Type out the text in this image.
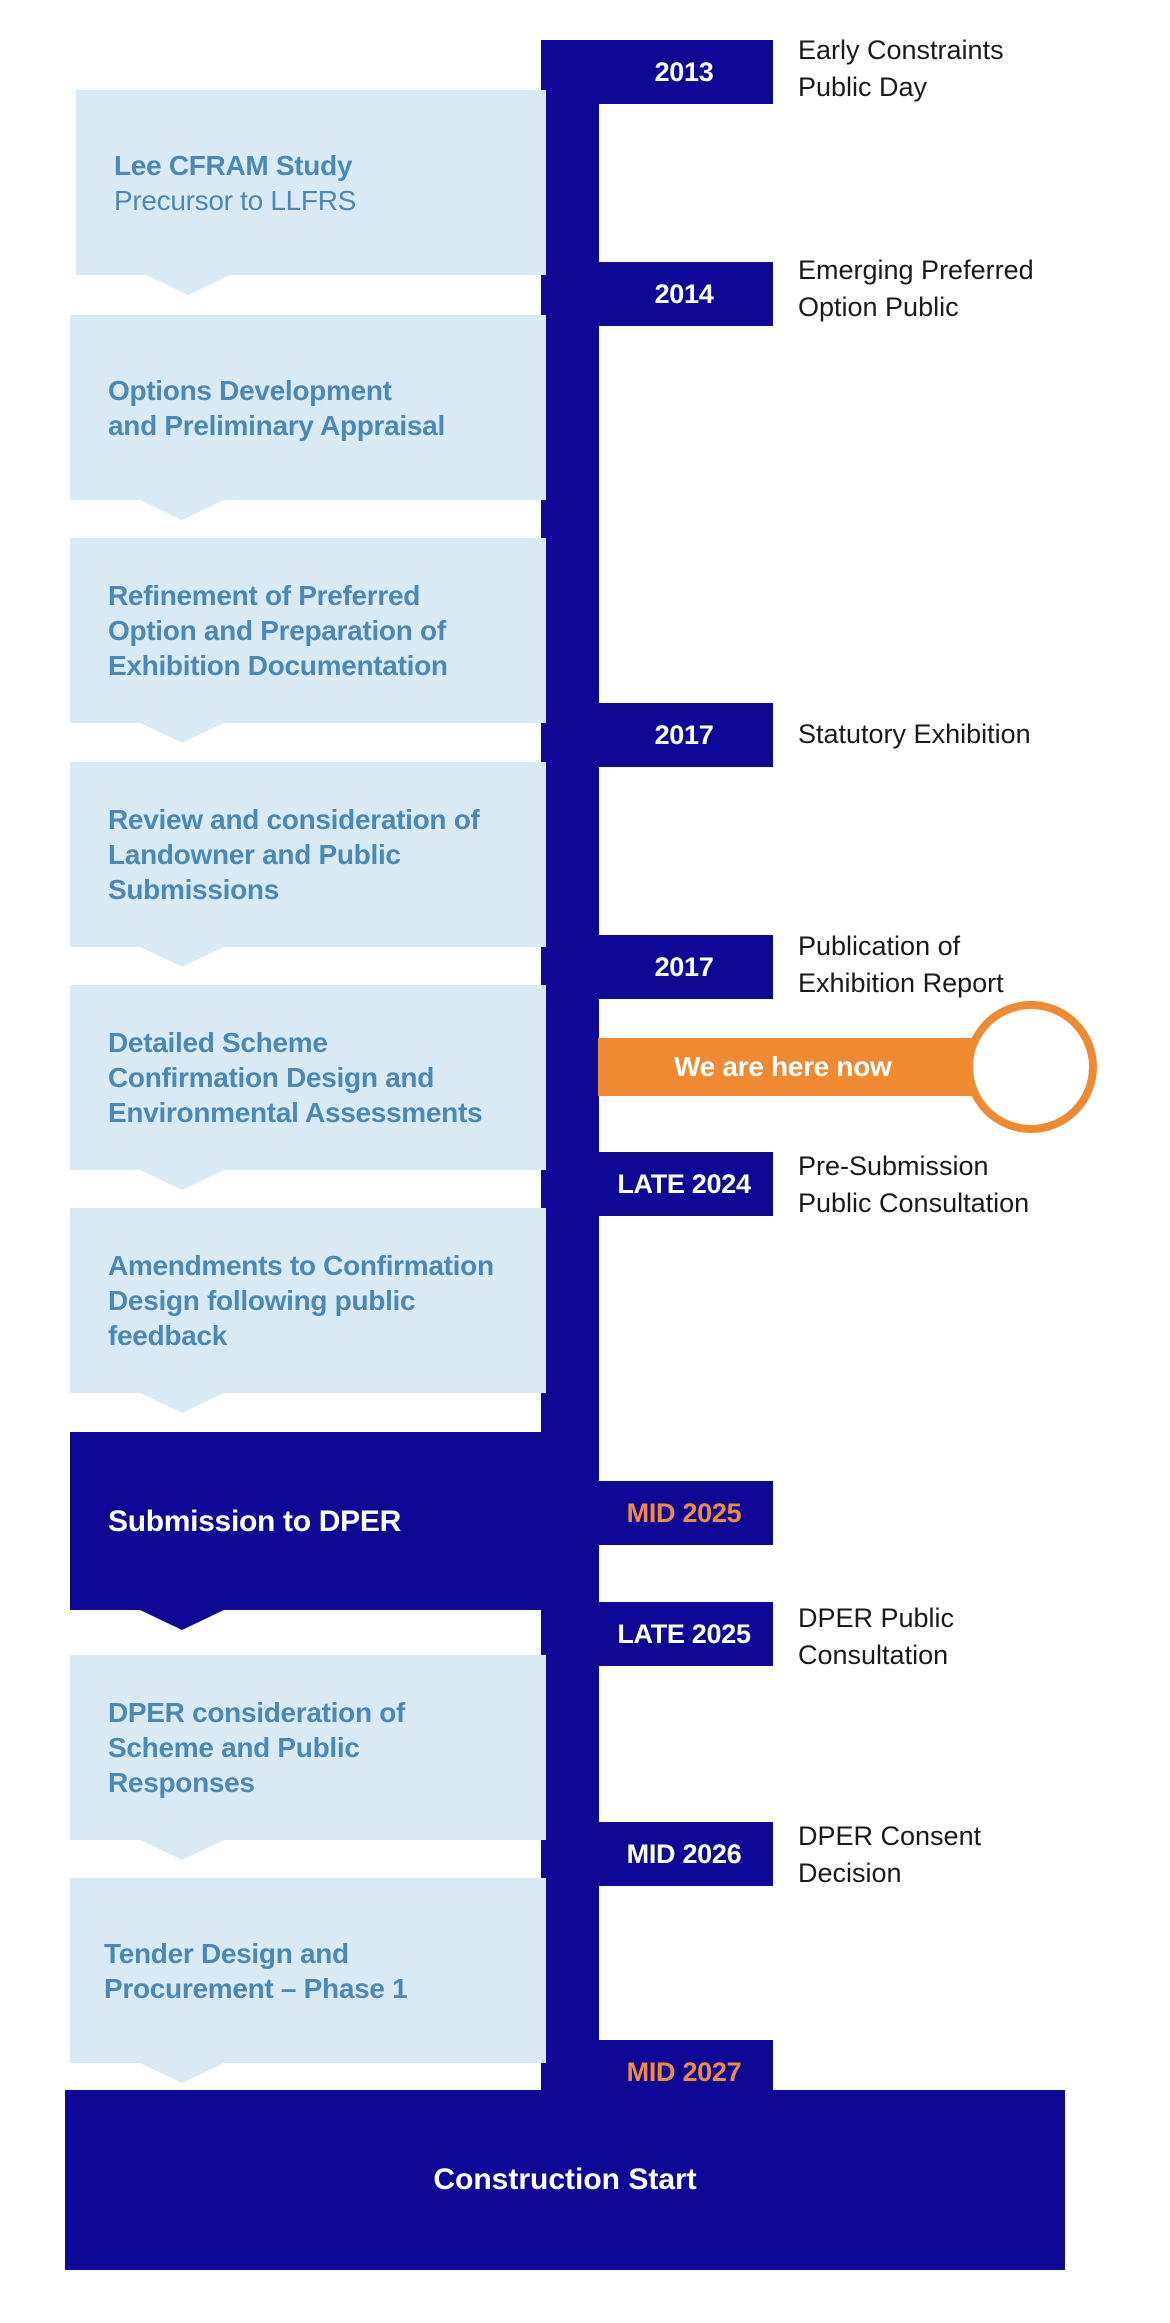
Lee CFRAM Study
Precursor to LLFRS
Options Development
and Preliminary Appraisal
Refinement of Preferred
Option and Preparation of
Exhibition Documentation
Review and consideration of
Landowner and Public
Submissions
Detailed Scheme
Confirmation Design and
Environmental Assessments
Amendments to Confirmation
Design following public
feedback
Submission to DPER
DPER consideration of
Scheme and Public
Responses
Tender Design and
Procurement – Phase 1
2013
Early Constraints
Public Day
2014
Emerging Preferred
Option Public
2017	Statutory Exhibition
2017
Publication of
Exhibition Report
LATE 2024
Pre-Submission
Public Consultation
MID 2025
LATE 2025
DPER Public
Consultation
MID 2026
DPER Consent
Decision
MID 2027
We are here now
Construction Start
